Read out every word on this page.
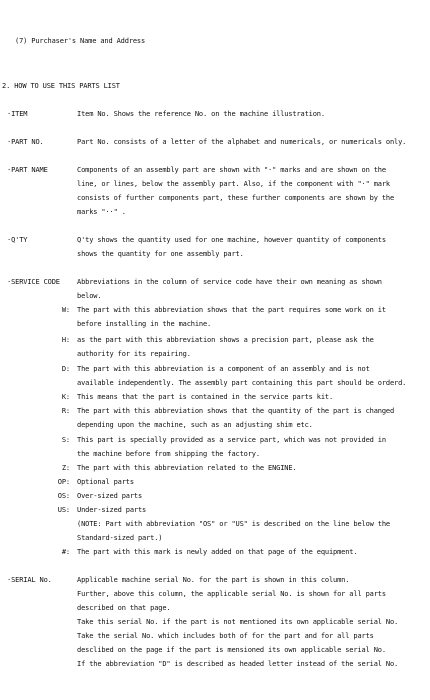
(7) Purchaser's Name and Address
2. HOW TO USE THIS PARTS LIST
·ITEM	Item No. Shows the reference No. on the machine illustration.
·PART NO.	Part No. consists of a letter of the alphabet and numericals, or numericals only.
·PART NAME	Components of an assembly part are shown with "·" marks and are shown on the
line, or lines, below the assembly part. Also, if the component with "·" mark
consists of further components part, these further components are shown by the
marks "··" .
·Q'TY	Q'ty shows the quantity used for one machine, however quantity of components
shows the quantity for one assembly part.
·SERVICE CODE Abbreviations in the column of service code have their own meaning as shown
below.
W: The part with this abbreviation shows that the part requires some work on it
before installing in the machine.
H: as the part with this abbreviation shows a precision part, please ask the
authority for its repairing.
D: The part with this abbreviation is a component of an assembly and is not
available independently. The assembly part containing this part should be orderd.
K: This means that the part is contained in the service parts kit.
R: The part with this abbreviation shows that the quantity of the part is changed
depending upon the machine, such as an adjusting shim etc.
S: This part is specially provided as a service part, which was not provided in
the machine before from shipping the factory.
Z: The part with this abbreviation related to the ENGINE.
OP: Optional parts
OS: Over-sized parts
US: Under-sized parts
(NOTE: Part with abbreviation "OS" or "US" is described on the line below the
Standard-sized part.)
#: The part with this mark is newly added on that page of the equipment.
·SERIAL No.	Applicable machine serial No. for the part is shown in this column.
Further, above this column, the applicable serial No. is shown for all parts
described on that page.
Take this serial No. if the part is not mentioned its own applicable serial No.
Take the serial No. which includes both of for the part and for all parts
desclibed on the page if the part is mensioned its own applicable serial No.
If the abbreviation "D" is described as headed letter instead of the serial No.
